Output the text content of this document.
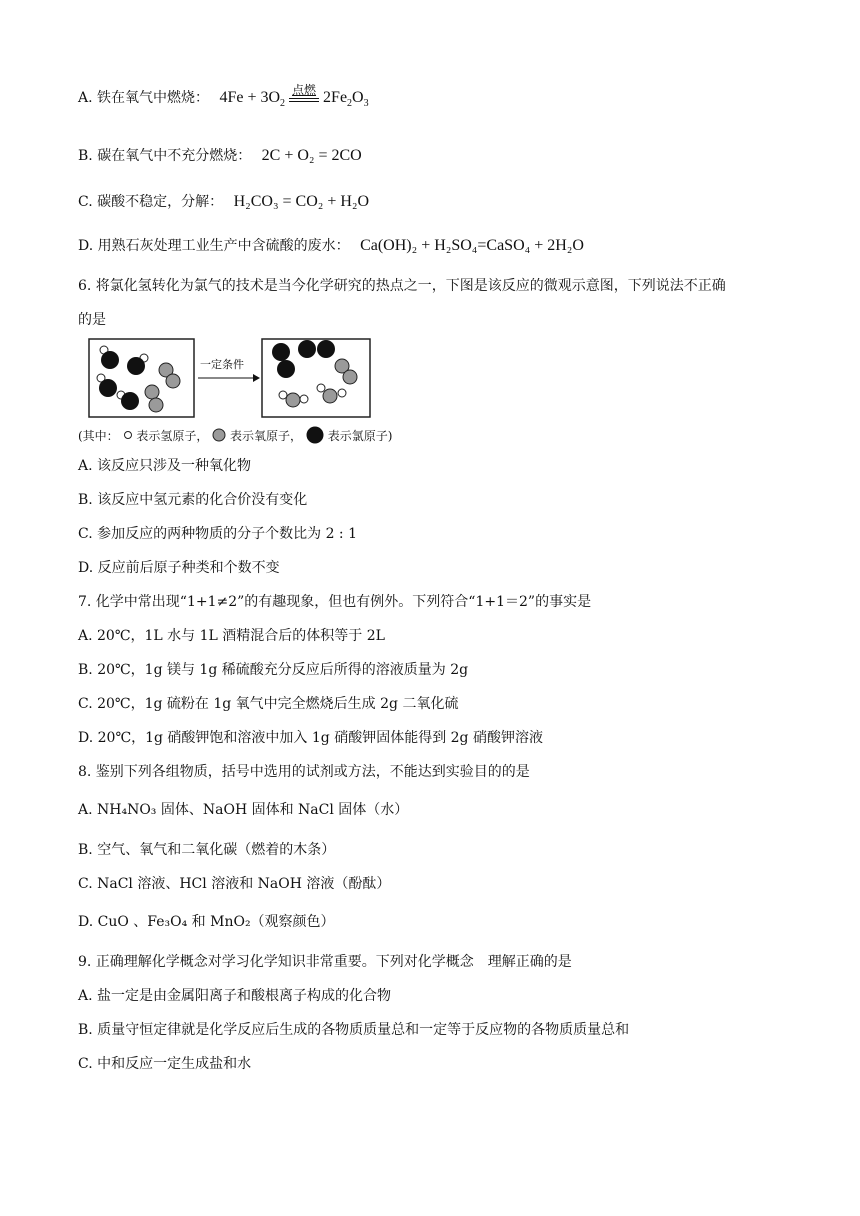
A. 铁在氧气中燃烧： $4Fe + 3O_2$
点燃 $2Fe_2O_3$
B. 碳在氧气中不充分燃烧： 2C + O₂ = 2CO
C. 碳酸不稳定，分解： H₂CO₃ = CO₂ + H₂O
D. 用熟石灰处理工业生产中含硫酸的废水： Ca(OH)₂ + H₂SO₄=CaSO₄ + 2H₂O
6. 将氯化氢转化为氯气的技术是当今化学研究的热点之一，下图是该反应的微观示意图，下列说法不正确
的是
一定条件
(其中： 表示氢原子， 表示氧原子， 表示氯原子)
A. 该反应只涉及一种氧化物
B. 该反应中氢元素的化合价没有变化
C. 参加反应的两种物质的分子个数比为 2 : 1
D. 反应前后原子种类和个数不变
7. 化学中常出现“1+1≠2”的有趣现象，但也有例外。下列符合“1+1＝2”的事实是
A. 20℃，1L 水与 1L 酒精混合后的体积等于 2L
B. 20℃，1g 镁与 1g 稀硫酸充分反应后所得的溶液质量为 2g
C. 20℃，1g 硫粉在 1g 氧气中完全燃烧后生成 2g 二氧化硫
D. 20℃，1g 硝酸钾饱和溶液中加入 1g 硝酸钾固体能得到 2g 硝酸钾溶液
8. 鉴别下列各组物质，括号中选用的试剂或方法，不能达到实验目的的是
A. NH₄NO₃ 固体、NaOH 固体和 NaCl 固体（水）
B. 空气、氧气和二氧化碳（燃着的木条）
C. NaCl 溶液、HCl 溶液和 NaOH 溶液（酚酞）
D. CuO 、Fe₃O₄ 和 MnO₂（观察颜色）
9. 正确理解化学概念对学习化学知识非常重要。下列对化学概念　理解正确的是
A. 盐一定是由金属阳离子和酸根离子构成的化合物
B. 质量守恒定律就是化学反应后生成的各物质质量总和一定等于反应物的各物质质量总和
C. 中和反应一定生成盐和水
